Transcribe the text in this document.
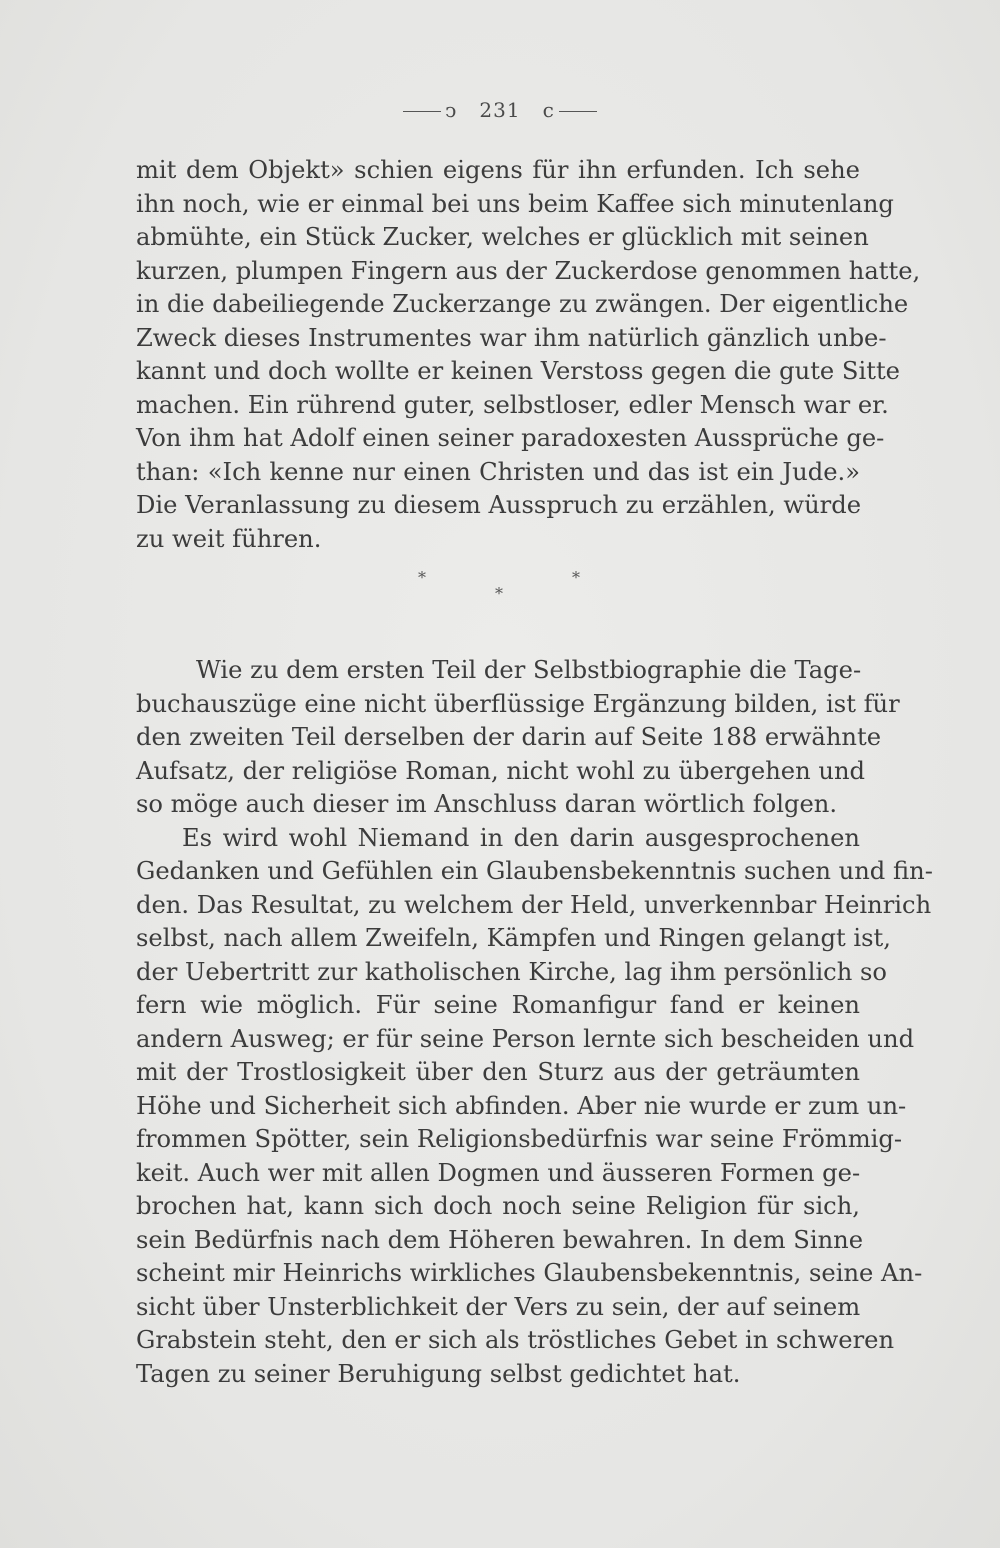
ↄ 231 c
mit dem Objekt» schien eigens für ihn erfunden. Ich sehe
ihn noch, wie er einmal bei uns beim Kaffee sich minutenlang
abmühte, ein Stück Zucker, welches er glücklich mit seinen
kurzen, plumpen Fingern aus der Zuckerdose genommen hatte,
in die dabeiliegende Zuckerzange zu zwängen. Der eigentliche
Zweck dieses Instrumentes war ihm natürlich gänzlich unbe-
kannt und doch wollte er keinen Verstoss gegen die gute Sitte
machen. Ein rührend guter, selbstloser, edler Mensch war er.
Von ihm hat Adolf einen seiner paradoxesten Aussprüche ge-
than: «Ich kenne nur einen Christen und das ist ein Jude.»
Die Veranlassung zu diesem Ausspruch zu erzählen, würde
zu weit führen.
*	*
*
Wie zu dem ersten Teil der Selbstbiographie die Tage-
buchauszüge eine nicht überflüssige Ergänzung bilden, ist für
den zweiten Teil derselben der darin auf Seite 188 erwähnte
Aufsatz, der religiöse Roman, nicht wohl zu übergehen und
so möge auch dieser im Anschluss daran wörtlich folgen.
Es wird wohl Niemand in den darin ausgesprochenen
Gedanken und Gefühlen ein Glaubensbekenntnis suchen und fin-
den. Das Resultat, zu welchem der Held, unverkennbar Heinrich
selbst, nach allem Zweifeln, Kämpfen und Ringen gelangt ist,
der Uebertritt zur katholischen Kirche, lag ihm persönlich so
fern wie möglich. Für seine Romanfigur fand er keinen
andern Ausweg; er für seine Person lernte sich bescheiden und
mit der Trostlosigkeit über den Sturz aus der geträumten
Höhe und Sicherheit sich abfinden. Aber nie wurde er zum un-
frommen Spötter, sein Religionsbedürfnis war seine Frömmig-
keit. Auch wer mit allen Dogmen und äusseren Formen ge-
brochen hat, kann sich doch noch seine Religion für sich,
sein Bedürfnis nach dem Höheren bewahren. In dem Sinne
scheint mir Heinrichs wirkliches Glaubensbekenntnis, seine An-
sicht über Unsterblichkeit der Vers zu sein, der auf seinem
Grabstein steht, den er sich als tröstliches Gebet in schweren
Tagen zu seiner Beruhigung selbst gedichtet hat.
